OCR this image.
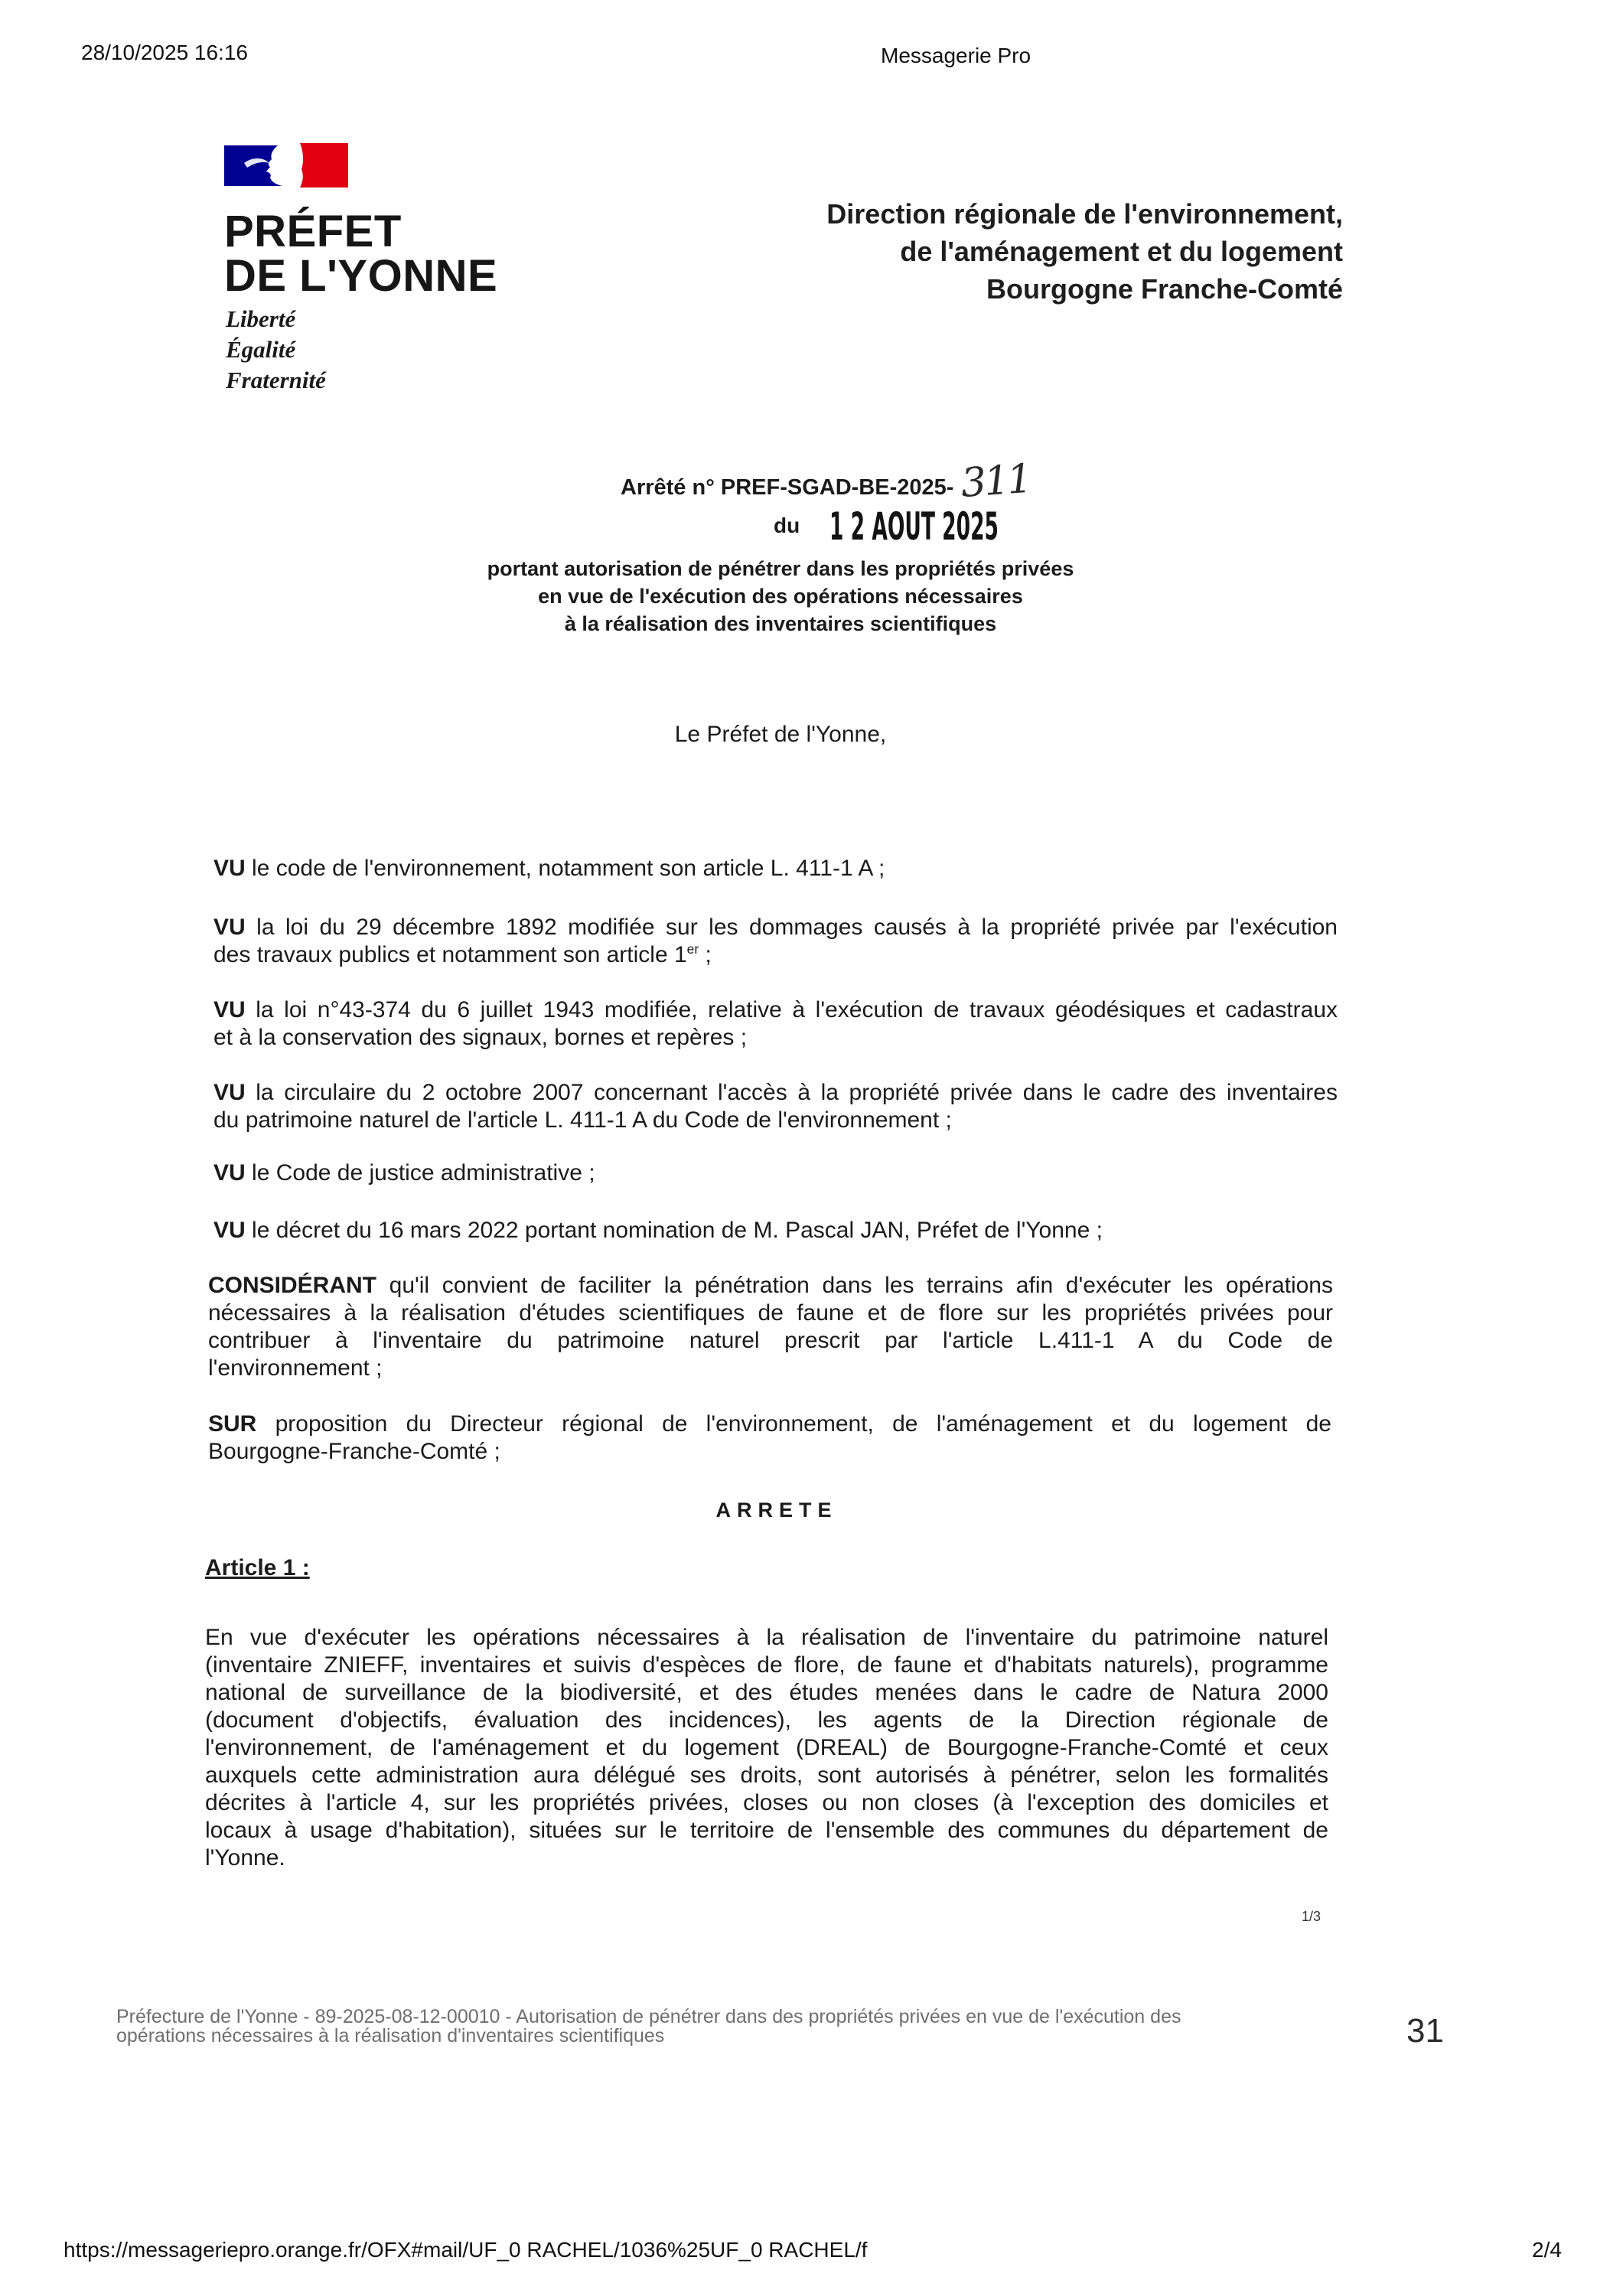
28/10/2025 16:16	Messagerie Pro
PRÉFET
DE L'YONNE
Liberté
Égalité
Fraternité
Direction régionale de l'environnement,
de l'aménagement et du logement
Bourgogne Franche-Comté
Arrêté n° PREF-SGAD-BE-2025- 311
du 1 2 AOUT 2025
portant autorisation de pénétrer dans les propriétés privées
en vue de l'exécution des opérations nécessaires
à la réalisation des inventaires scientifiques
Le Préfet de l'Yonne,
VU le code de l'environnement, notamment son article L. 411-1 A ;
VU la loi du 29 décembre 1892 modifiée sur les dommages causés à la propriété privée par l'exécution
des travaux publics et notamment son article 1er ;
VU la loi n°43-374 du 6 juillet 1943 modifiée, relative à l'exécution de travaux géodésiques et cadastraux
et à la conservation des signaux, bornes et repères ;
VU la circulaire du 2 octobre 2007 concernant l'accès à la propriété privée dans le cadre des inventaires
du patrimoine naturel de l'article L. 411-1 A du Code de l'environnement ;
VU le Code de justice administrative ;
VU le décret du 16 mars 2022 portant nomination de M. Pascal JAN, Préfet de l'Yonne ;
CONSIDÉRANT qu'il convient de faciliter la pénétration dans les terrains afin d'exécuter les opérations
nécessaires à la réalisation d'études scientifiques de faune et de flore sur les propriétés privées pour
contribuer à l'inventaire du patrimoine naturel prescrit par l'article L.411-1 A du Code de
l'environnement ;
SUR proposition du Directeur régional de l'environnement, de l'aménagement et du logement de
Bourgogne-Franche-Comté ;
ARRETE
Article 1 :
En vue d'exécuter les opérations nécessaires à la réalisation de l'inventaire du patrimoine naturel
(inventaire ZNIEFF, inventaires et suivis d'espèces de flore, de faune et d'habitats naturels), programme
national de surveillance de la biodiversité, et des études menées dans le cadre de Natura 2000
(document d'objectifs, évaluation des incidences), les agents de la Direction régionale de
l'environnement, de l'aménagement et du logement (DREAL) de Bourgogne-Franche-Comté et ceux
auxquels cette administration aura délégué ses droits, sont autorisés à pénétrer, selon les formalités
décrites à l'article 4, sur les propriétés privées, closes ou non closes (à l'exception des domiciles et
locaux à usage d'habitation), situées sur le territoire de l'ensemble des communes du département de
l'Yonne.
1/3
Préfecture de l'Yonne - 89-2025-08-12-00010 - Autorisation de pénétrer dans des propriétés privées en vue de l'exécution des
opérations nécessaires à la réalisation d'inventaires scientifiques	31
https://messageriepro.orange.fr/OFX#mail/UF_0 RACHEL/1036%25UF_0 RACHEL/f	2/4
